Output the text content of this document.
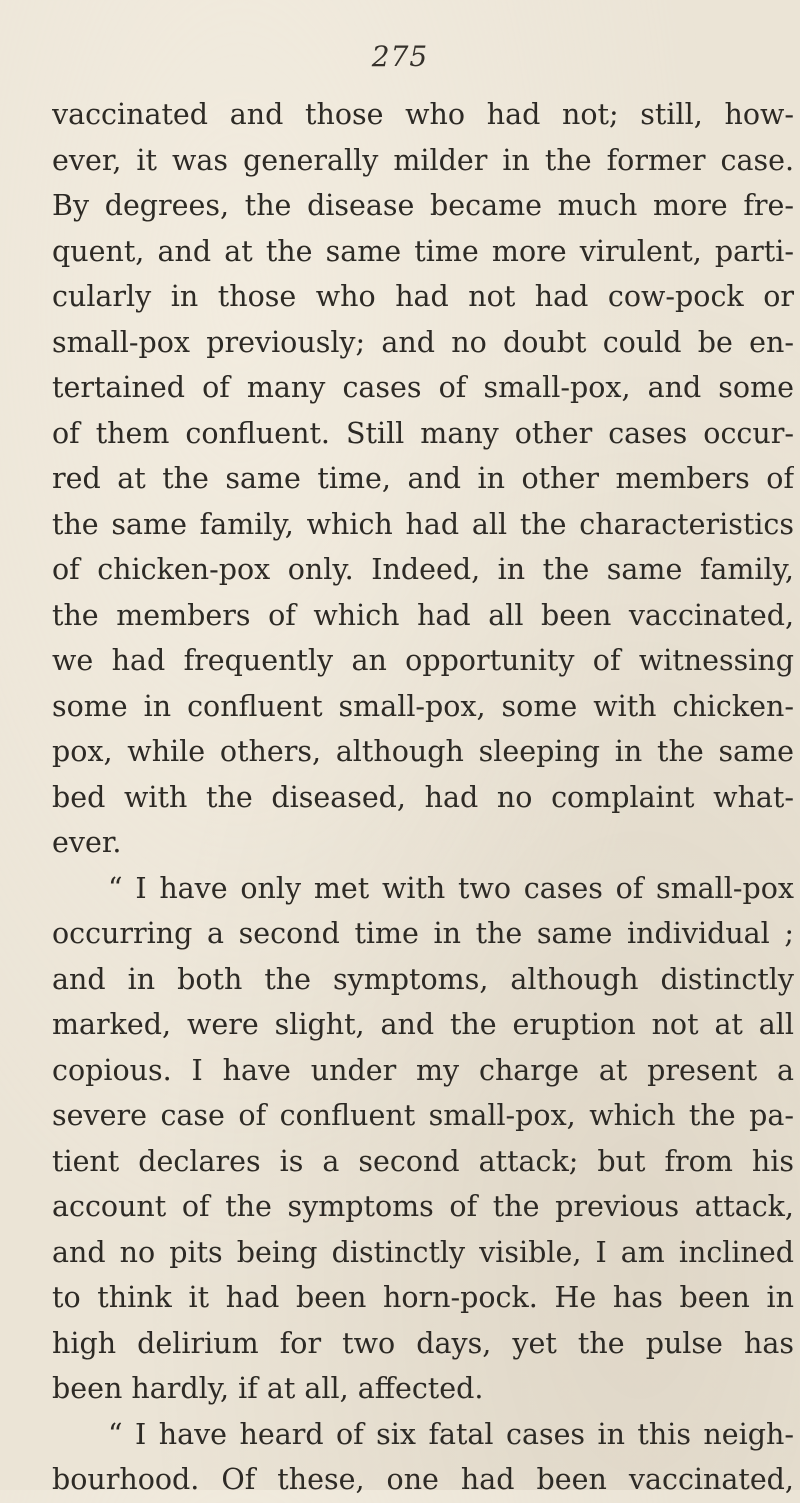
275
vaccinated and those who had not; still, how-
ever, it was generally milder in the former case.
By degrees, the disease became much more fre-
quent, and at the same time more virulent, parti-
cularly in those who had not had cow-pock or
small-pox previously; and no doubt could be en-
tertained of many cases of small-pox, and some
of them confluent. Still many other cases occur-
red at the same time, and in other members of
the same family, which had all the characteristics
of chicken-pox only. Indeed, in the same family,
the members of which had all been vaccinated,
we had frequently an opportunity of witnessing
some in confluent small-pox, some with chicken-
pox, while others, although sleeping in the same
bed with the diseased, had no complaint what-
ever.
“ I have only met with two cases of small-pox
occurring a second time in the same individual ;
and in both the symptoms, although distinctly
marked, were slight, and the eruption not at all
copious. I have under my charge at present a
severe case of confluent small-pox, which the pa-
tient declares is a second attack; but from his
account of the symptoms of the previous attack,
and no pits being distinctly visible, I am inclined
to think it had been horn-pock. He has been in
high delirium for two days, yet the pulse has
been hardly, if at all, affected.
“ I have heard of six fatal cases in this neigh-
bourhood. Of these, one had been vaccinated,
